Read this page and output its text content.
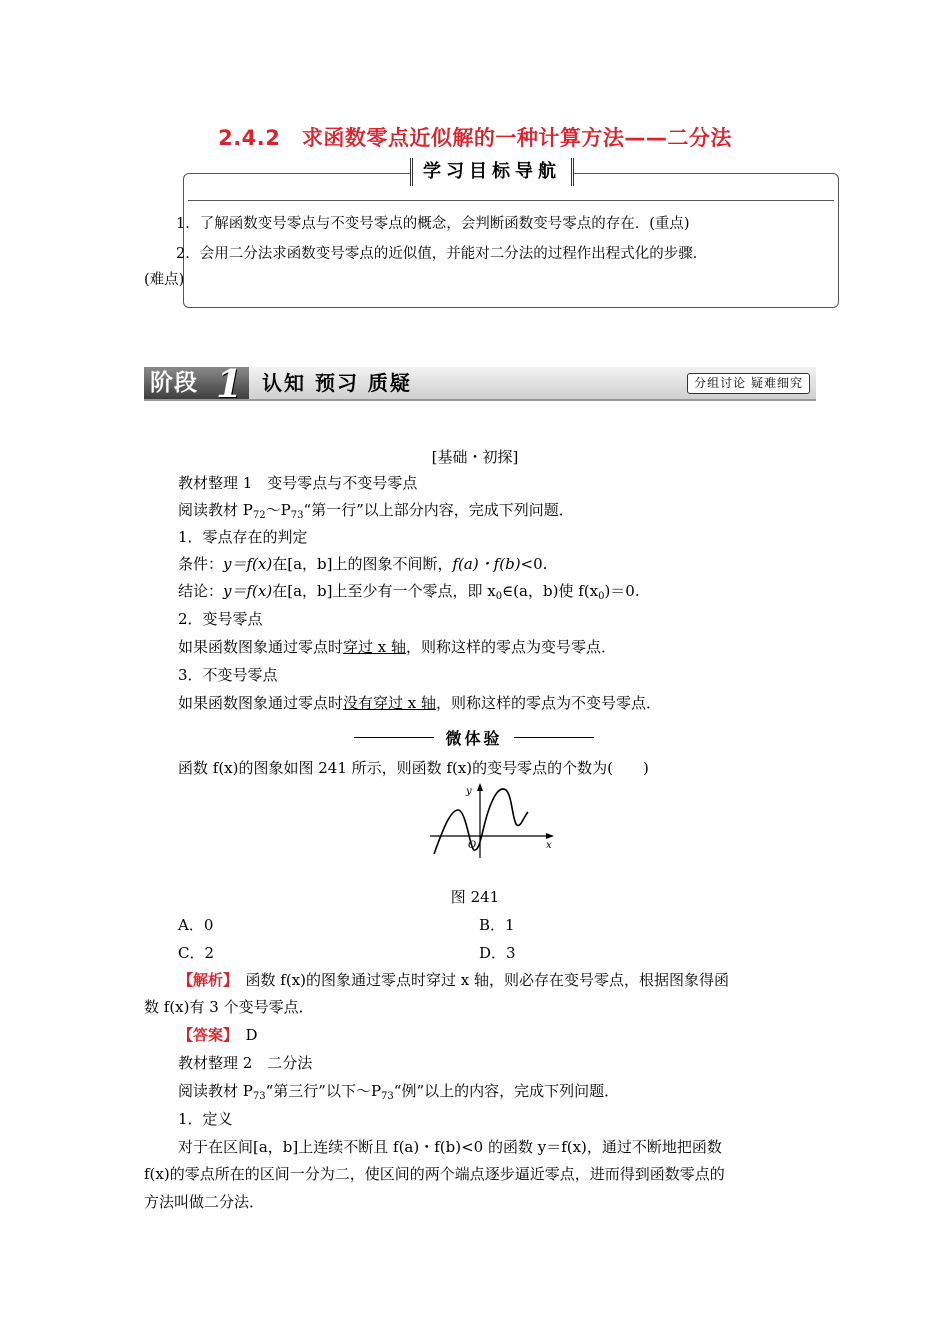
2.4.2　求函数零点近似解的一种计算方法——二分法
学习目标导航
1．了解函数变号零点与不变号零点的概念，会判断函数变号零点的存在．(重点)
2．会用二分法求函数变号零点的近似值，并能对二分法的过程作出程式化的步骤．
(难点)
阶段 1 认知 预习 质疑	分组讨论 疑难细究
[基础・初探]
教材整理 1　变号零点与不变号零点
阅读教材 $P_{72}\sim P_{73}“$第一行”以上部分内容，完成下列问题．
1．零点存在的判定
条件：y＝f(x)在[a，b]上的图象不间断，f(a)・f(b)<0.
结论：y＝f(x)在[a，b]上至少有一个零点，即 $x_0\in(a$，b)使 $f(x_0)=0$.
2．变号零点
如果函数图象通过零点时穿过 x 轴，则称这样的零点为变号零点．
3．不变号零点
如果函数图象通过零点时没有穿过 x 轴，则称这样的零点为不变号零点．
微体验
函数 f(x)的图象如图 241 所示，则函数 f(x)的变号零点的个数为(　　)
y
x
O
图 241
A．0	B．1
C．2	D．3
【解析】　函数 f(x)的图象通过零点时穿过 x 轴，则必存在变号零点，根据图象得函
数 f(x)有 3 个变号零点．
【答案】　D
教材整理 2　二分法
阅读教材 $P_{73}“$第三行”以下$\sim P_{73}“$例”以上的内容，完成下列问题．
1．定义
对于在区间[a，b]上连续不断且 f(a)・f(b)<0 的函数 y＝f(x)，通过不断地把函数
f(x)的零点所在的区间一分为二，使区间的两个端点逐步逼近零点，进而得到函数零点的
方法叫做二分法．
